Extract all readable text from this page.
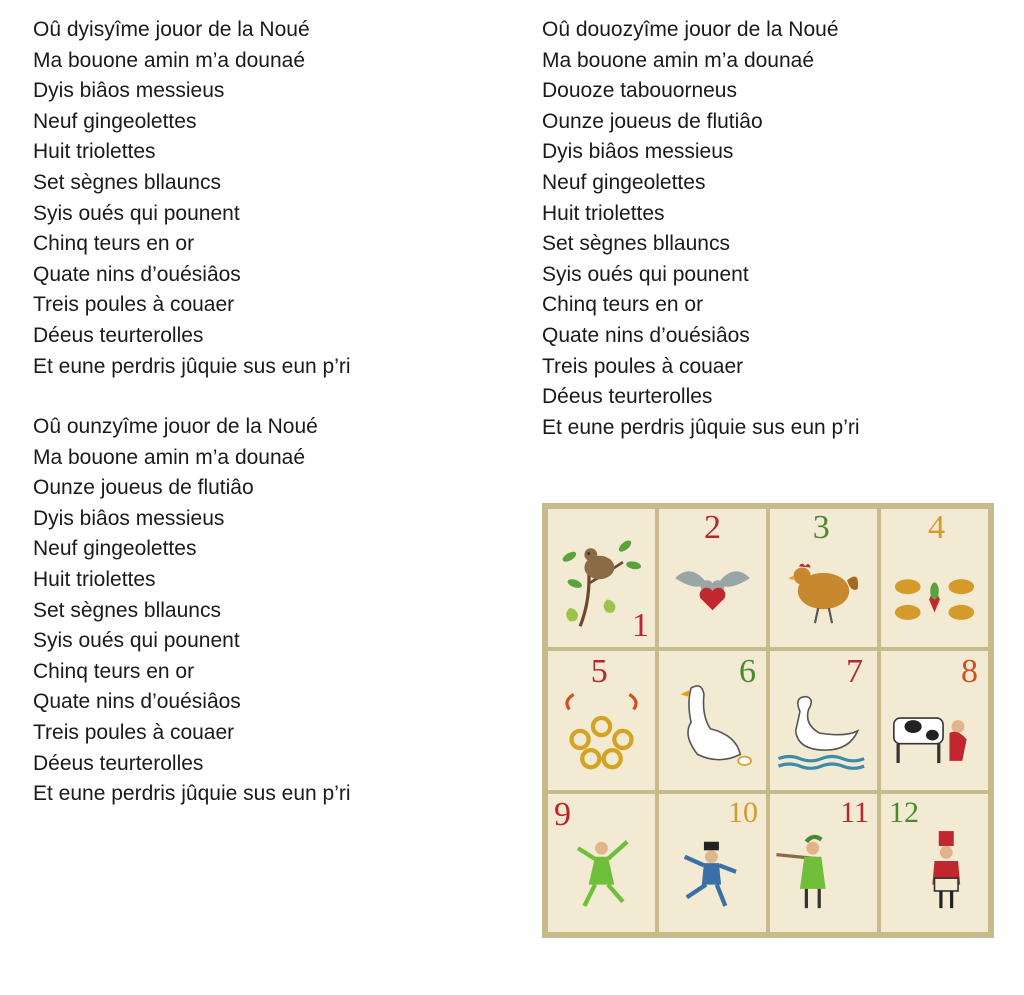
Oû dyisyîme jouor de la Noué
Ma bouone amin m’a dounaé
Dyis biâos messieus
Neuf gingeolettes
Huit triolettes
Set sègnes bllauncs
Syis oués qui pounent
Chinq teurs en or
Quate nins d’ouésiâos
Treis poules à couaer
Déeus teurterolles
Et eune perdris jûquie sus eun p’ri
Oû ounzyîme jouor de la Noué
Ma bouone amin m’a dounaé
Ounze joueus de flutiâo
Dyis biâos messieus
Neuf gingeolettes
Huit triolettes
Set sègnes bllauncs
Syis oués qui pounent
Chinq teurs en or
Quate nins d’ouésiâos
Treis poules à couaer
Déeus teurterolles
Et eune perdris jûquie sus eun p’ri
Oû douozyîme jouor de la Noué
Ma bouone amin m’a dounaé
Douoze tabouorneus
Ounze joueus de flutiâo
Dyis biâos messieus
Neuf gingeolettes
Huit triolettes
Set sègnes bllauncs
Syis oués qui pounent
Chinq teurs en or
Quate nins d’ouésiâos
Treis poules à couaer
Déeus teurterolles
Et eune perdris jûquie sus eun p’ri
1
2	3	4
5	6	7	8
9	10	11 12
